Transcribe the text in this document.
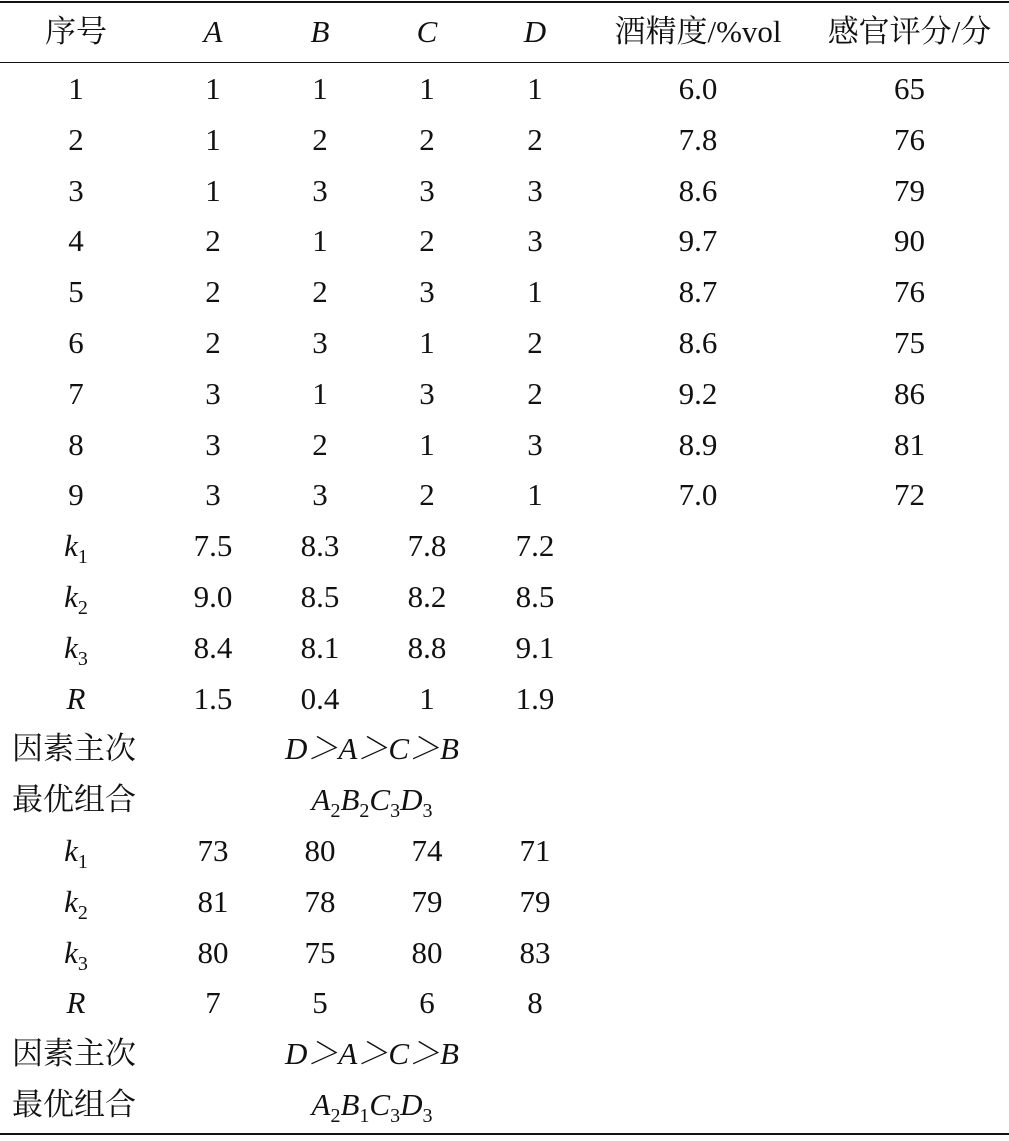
序号	A	B	C	D	酒精度/%vol	感官评分/分
1	1	1	1	1	6.0	65
2	1	2	2	2	7.8	76
3	1	3	3	3	8.6	79
4	2	1	2	3	9.7	90
5	2	2	3	1	8.7	76
6	2	3	1	2	8.6	75
7	3	1	3	2	9.2	86
8	3	2	1	3	8.9	81
9	3	3	2	1	7.0	72
$k_1$	7.5	8.3	7.8	7.2
$k_2$	9.0	8.5	8.2	8.5
$k_3$	8.4	8.1	8.8	9.1
R	1.5	0.4	1	1.9
因素主次	D＞A＞C＞B
最优组合	$A_2B_2C_3D_3$
$k_1$	73	80	74	71
$k_2$	81	78	79	79
$k_3$	80	75	80	83
R	7	5	6	8
因素主次	D＞A＞C＞B
最优组合	$A_2B_1C_3D_3$
